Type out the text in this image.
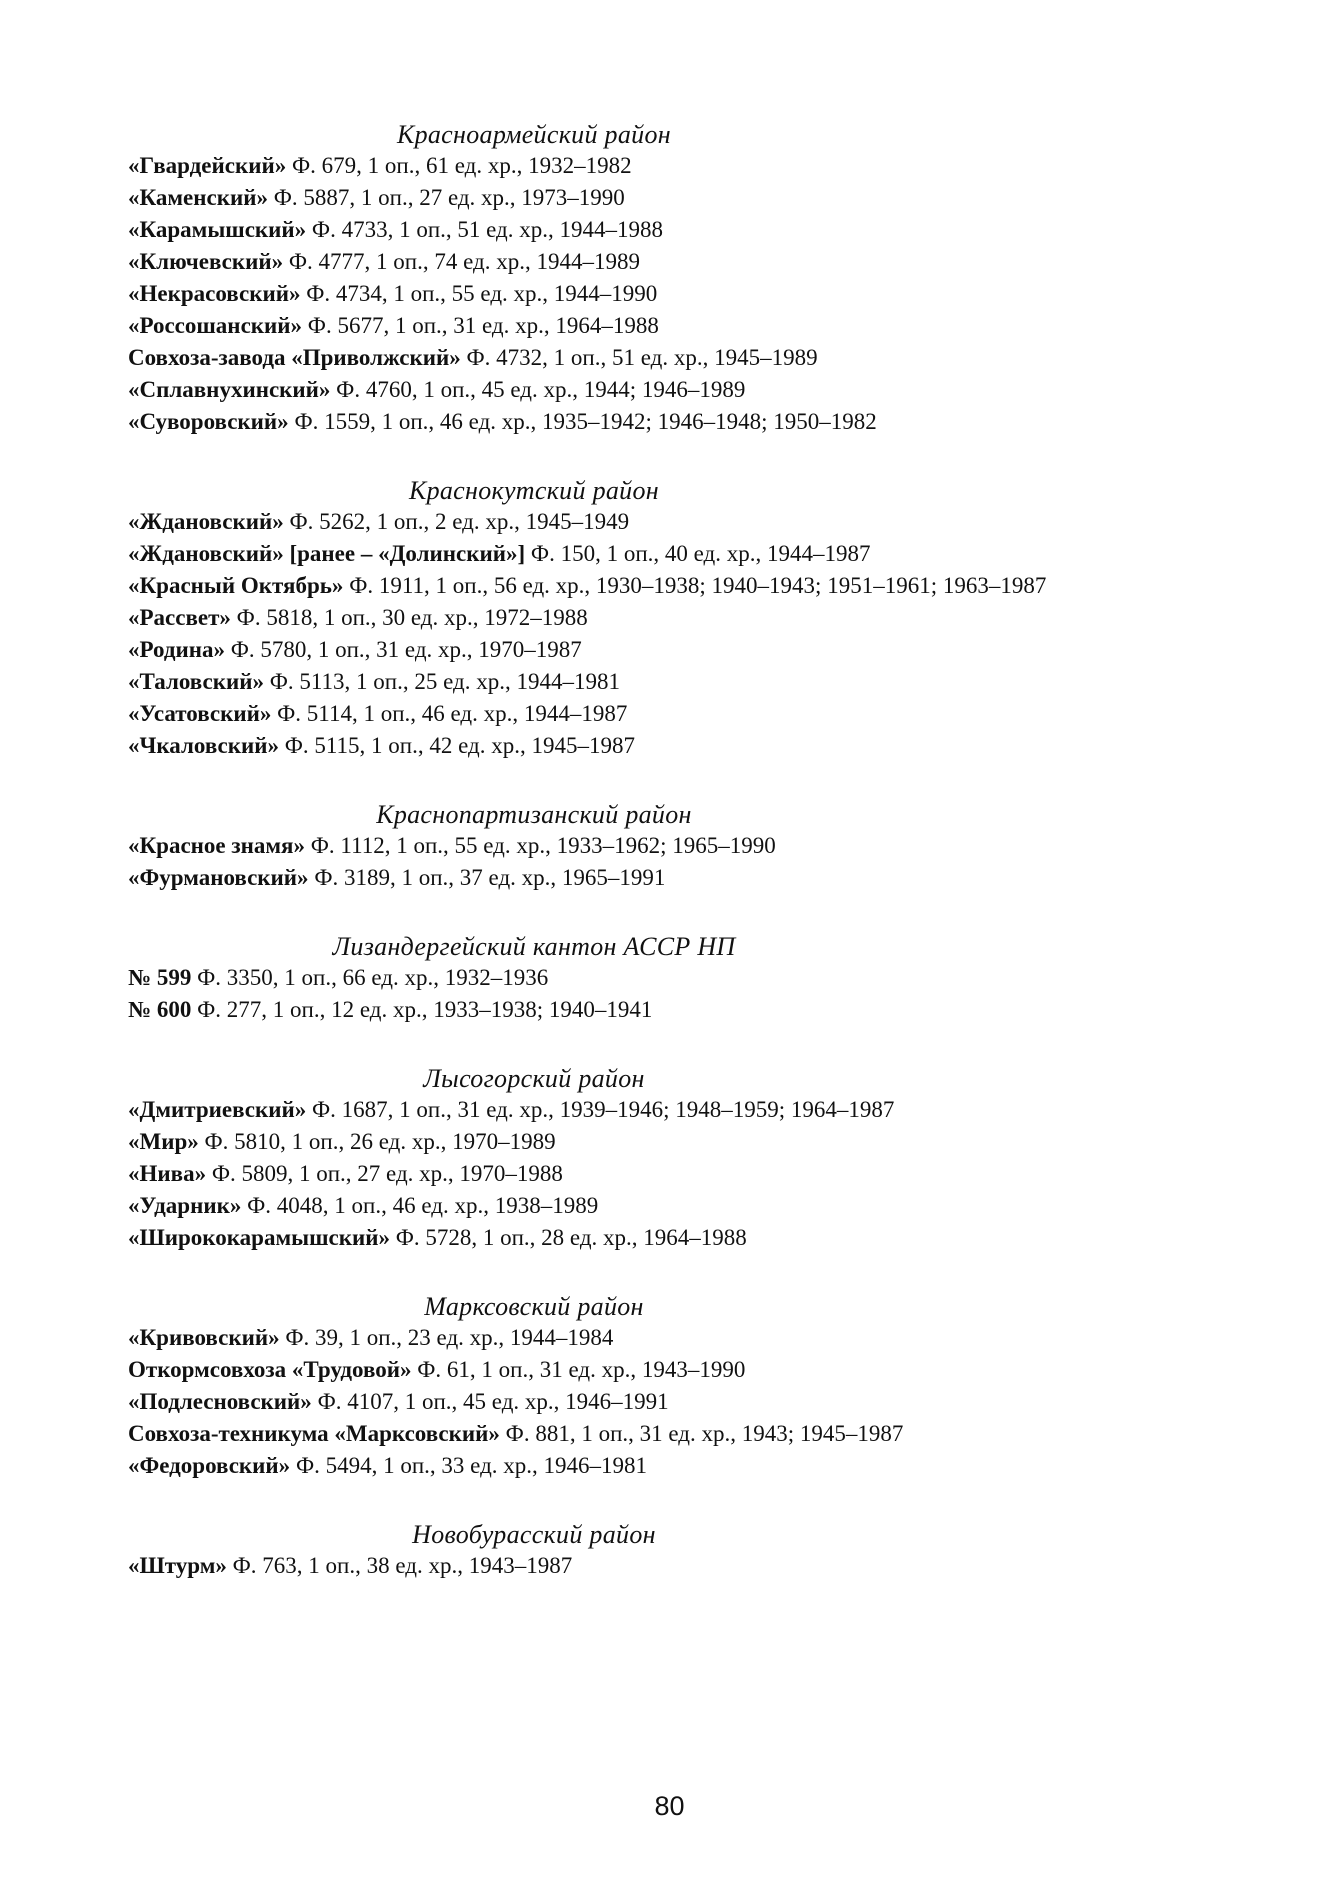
Красноармейский район
«Гвардейский» Ф. 679, 1 оп., 61 ед. хр., 1932–1982
«Каменский» Ф. 5887, 1 оп., 27 ед. хр., 1973–1990
«Карамышский» Ф. 4733, 1 оп., 51 ед. хр., 1944–1988
«Ключевский» Ф. 4777, 1 оп., 74 ед. хр., 1944–1989
«Некрасовский» Ф. 4734, 1 оп., 55 ед. хр., 1944–1990
«Россошанский» Ф. 5677, 1 оп., 31 ед. хр., 1964–1988
Совхоза-завода «Приволжский» Ф. 4732, 1 оп., 51 ед. хр., 1945–1989
«Сплавнухинский» Ф. 4760, 1 оп., 45 ед. хр., 1944; 1946–1989
«Суворовский» Ф. 1559, 1 оп., 46 ед. хр., 1935–1942; 1946–1948; 1950–1982
Краснокутский район
«Ждановский» Ф. 5262, 1 оп., 2 ед. хр., 1945–1949
«Ждановский» [ранее – «Долинский»] Ф. 150, 1 оп., 40 ед. хр., 1944–1987
«Красный Октябрь» Ф. 1911, 1 оп., 56 ед. хр., 1930–1938; 1940–1943; 1951–1961; 1963–1987
«Рассвет» Ф. 5818, 1 оп., 30 ед. хр., 1972–1988
«Родина» Ф. 5780, 1 оп., 31 ед. хр., 1970–1987
«Таловский» Ф. 5113, 1 оп., 25 ед. хр., 1944–1981
«Усатовский» Ф. 5114, 1 оп., 46 ед. хр., 1944–1987
«Чкаловский» Ф. 5115, 1 оп., 42 ед. хр., 1945–1987
Краснопартизанский район
«Красное знамя» Ф. 1112, 1 оп., 55 ед. хр., 1933–1962; 1965–1990
«Фурмановский» Ф. 3189, 1 оп., 37 ед. хр., 1965–1991
Лизандергейский кантон АССР НП
№ 599 Ф. 3350, 1 оп., 66 ед. хр., 1932–1936
№ 600 Ф. 277, 1 оп., 12 ед. хр., 1933–1938; 1940–1941
Лысогорский район
«Дмитриевский» Ф. 1687, 1 оп., 31 ед. хр., 1939–1946; 1948–1959; 1964–1987
«Мир» Ф. 5810, 1 оп., 26 ед. хр., 1970–1989
«Нива» Ф. 5809, 1 оп., 27 ед. хр., 1970–1988
«Ударник» Ф. 4048, 1 оп., 46 ед. хр., 1938–1989
«Ширококарамышский» Ф. 5728, 1 оп., 28 ед. хр., 1964–1988
Марксовский район
«Кривовский» Ф. 39, 1 оп., 23 ед. хр., 1944–1984
Откормсовхоза «Трудовой» Ф. 61, 1 оп., 31 ед. хр., 1943–1990
«Подлесновский» Ф. 4107, 1 оп., 45 ед. хр., 1946–1991
Совхоза-техникума «Марксовский» Ф. 881, 1 оп., 31 ед. хр., 1943; 1945–1987
«Федоровский» Ф. 5494, 1 оп., 33 ед. хр., 1946–1981
Новобурасский район
«Штурм» Ф. 763, 1 оп., 38 ед. хр., 1943–1987
80
